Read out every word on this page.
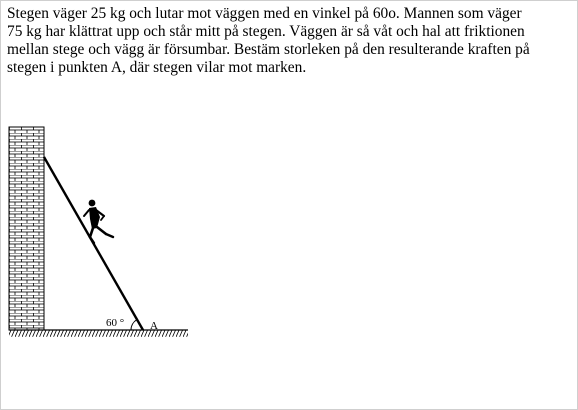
Stegen väger 25 kg och lutar mot väggen med en vinkel på 60o. Mannen som väger
75 kg har klättrat upp och står mitt på stegen. Väggen är så våt och hal att friktionen
mellan stege och vägg är försumbar. Bestäm storleken på den resulterande kraften på
stegen i punkten A, där stegen vilar mot marken.

60 ° A
